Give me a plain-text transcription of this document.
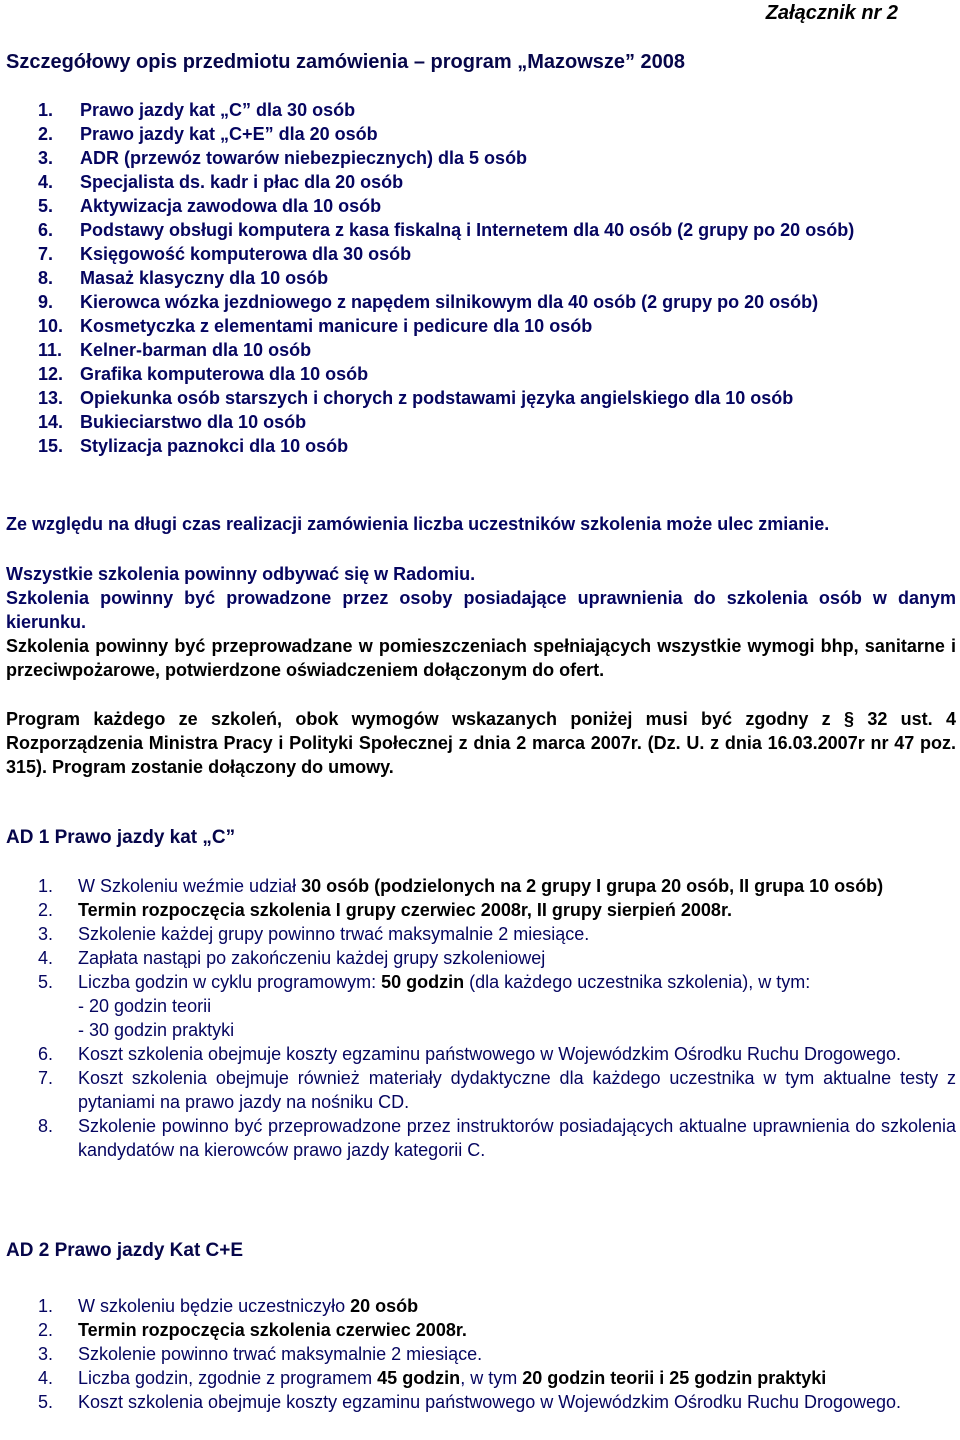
Załącznik nr 2
Szczegółowy opis przedmiotu zamówienia – program „Mazowsze” 2008
1. Prawo jazdy kat „C” dla 30 osób
2. Prawo jazdy kat „C+E” dla 20 osób
3. ADR (przewóz towarów niebezpiecznych) dla 5 osób
4. Specjalista ds. kadr i płac dla 20 osób
5. Aktywizacja zawodowa dla 10 osób
6. Podstawy obsługi komputera z kasa fiskalną i Internetem dla 40 osób (2 grupy po 20 osób)
7. Księgowość komputerowa dla 30 osób
8. Masaż klasyczny dla 10 osób
9. Kierowca wózka jezdniowego z napędem silnikowym dla 40 osób (2 grupy po 20 osób)
10. Kosmetyczka z elementami manicure i pedicure dla 10 osób
11. Kelner-barman dla 10 osób
12. Grafika komputerowa dla 10 osób
13. Opiekunka osób starszych i chorych z podstawami języka angielskiego dla 10 osób
14. Bukieciarstwo dla 10 osób
15. Stylizacja paznokci dla 10 osób
Ze względu na długi czas realizacji zamówienia liczba uczestników szkolenia może ulec zmianie.
Wszystkie szkolenia powinny odbywać się w Radomiu.
Szkolenia powinny być prowadzone przez osoby posiadające uprawnienia do szkolenia osób w danym kierunku.
Szkolenia powinny być przeprowadzane w pomieszczeniach spełniających wszystkie wymogi bhp, sanitarne i przeciwpożarowe, potwierdzone oświadczeniem dołączonym do ofert.
Program każdego ze szkoleń, obok wymogów wskazanych poniżej musi być zgodny z § 32 ust. 4 Rozporządzenia Ministra Pracy i Polityki Społecznej z dnia 2 marca 2007r. (Dz. U. z dnia 16.03.2007r nr 47 poz. 315). Program zostanie dołączony do umowy.
AD 1 Prawo jazdy kat „C”
1. W Szkoleniu weźmie udział 30 osób (podzielonych na 2 grupy I grupa 20 osób, II grupa 10 osób)
2. Termin rozpoczęcia szkolenia I grupy czerwiec 2008r, II grupy sierpień 2008r.
3. Szkolenie każdej grupy powinno trwać maksymalnie 2 miesiące.
4. Zapłata nastąpi po zakończeniu każdej grupy szkoleniowej
5. Liczba godzin w cyklu programowym: 50 godzin (dla każdego uczestnika szkolenia), w tym:
- 20 godzin teorii
- 30 godzin praktyki
6. Koszt szkolenia obejmuje koszty egzaminu państwowego w Wojewódzkim Ośrodku Ruchu Drogowego.
7. Koszt szkolenia obejmuje również materiały dydaktyczne dla każdego uczestnika w tym aktualne testy z pytaniami na prawo jazdy na nośniku CD.
8. Szkolenie powinno być przeprowadzone przez instruktorów posiadających aktualne uprawnienia do szkolenia kandydatów na kierowców prawo jazdy kategorii C.
AD 2 Prawo jazdy Kat C+E
1. W szkoleniu będzie uczestniczyło 20 osób
2. Termin rozpoczęcia szkolenia czerwiec 2008r.
3. Szkolenie powinno trwać maksymalnie 2 miesiące.
4. Liczba godzin, zgodnie z programem 45 godzin, w tym 20 godzin teorii i 25 godzin praktyki
5. Koszt szkolenia obejmuje koszty egzaminu państwowego w Wojewódzkim Ośrodku Ruchu Drogowego.
